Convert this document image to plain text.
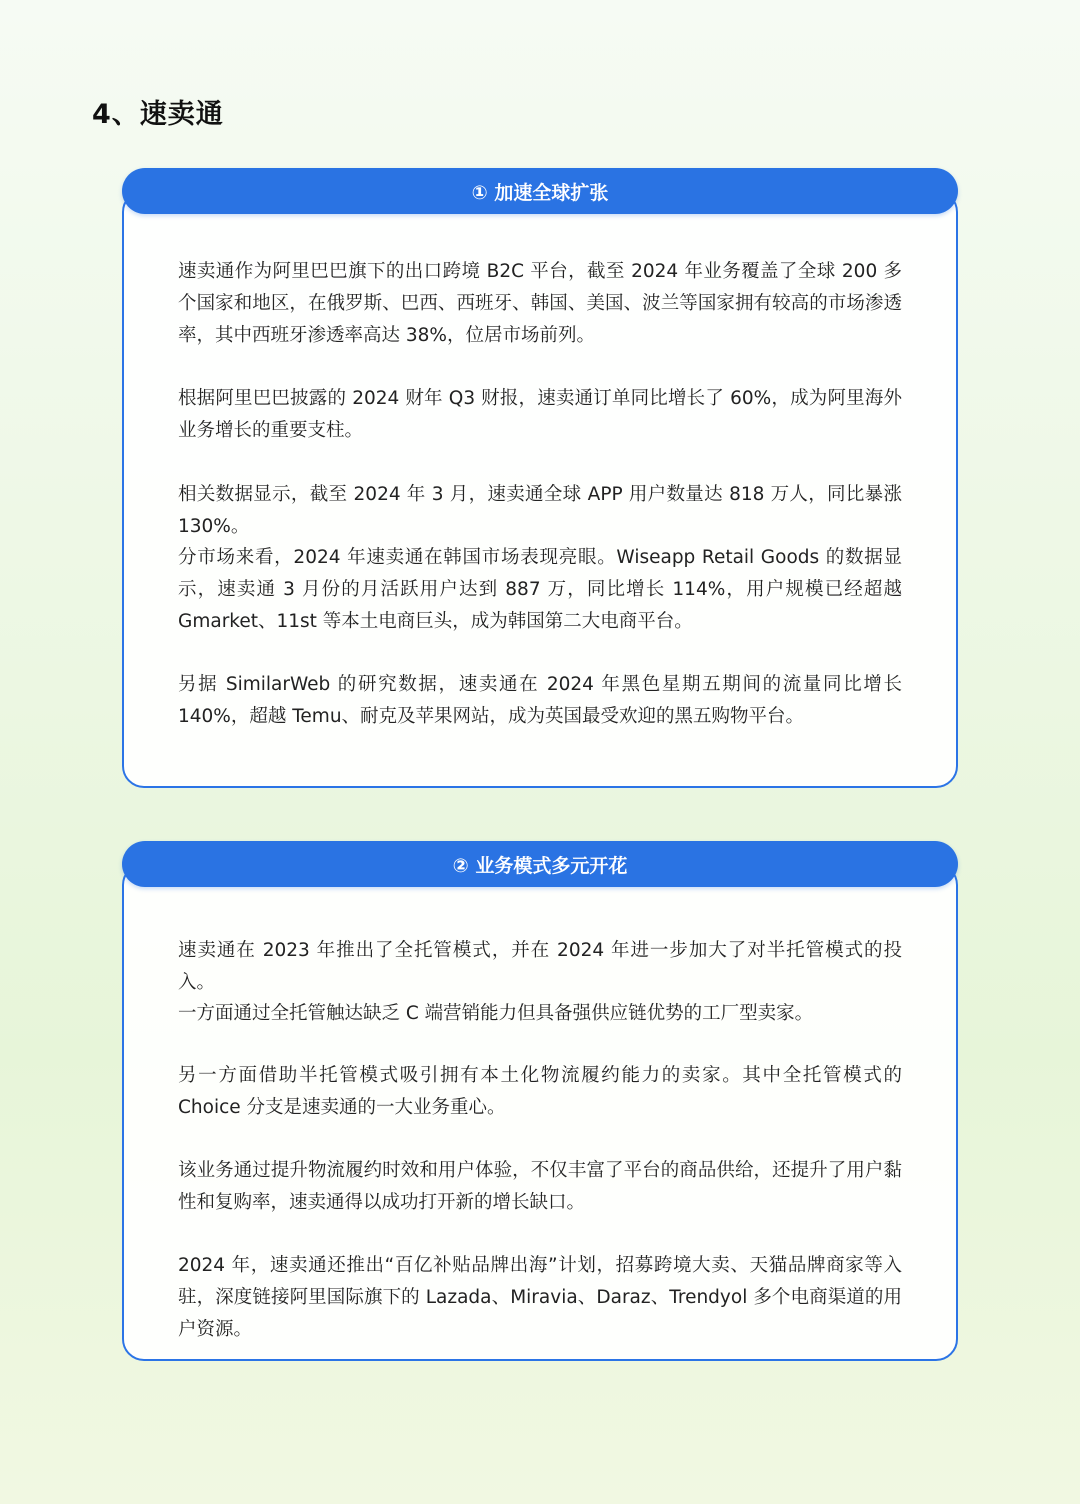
4、速卖通
① 加速全球扩张

速卖通作为阿里巴巴旗下的出口跨境 B2C 平台，截至 2024 年业务覆盖了全球 200 多个国家和地区，在俄罗斯、巴西、西班牙、韩国、美国、波兰等国家拥有较高的市场渗透率，其中西班牙渗透率高达 38%，位居市场前列。

根据阿里巴巴披露的 2024 财年 Q3 财报，速卖通订单同比增长了 60%，成为阿里海外业务增长的重要支柱。

相关数据显示，截至 2024 年 3 月，速卖通全球 APP 用户数量达 818 万人，同比暴涨130%。

分市场来看，2024 年速卖通在韩国市场表现亮眼。Wiseapp Retail Goods 的数据显示，速卖通 3 月份的月活跃用户达到 887 万，同比增长 114%，用户规模已经超越 Gmarket、11st 等本土电商巨头，成为韩国第二大电商平台。

另据 SimilarWeb 的研究数据，速卖通在 2024 年黑色星期五期间的流量同比增长 140%，超越 Temu、耐克及苹果网站，成为英国最受欢迎的黑五购物平台。

② 业务模式多元开花

速卖通在 2023 年推出了全托管模式，并在 2024 年进一步加大了对半托管模式的投入。

一方面通过全托管触达缺乏 C 端营销能力但具备强供应链优势的工厂型卖家。

另一方面借助半托管模式吸引拥有本土化物流履约能力的卖家。其中全托管模式的 Choice 分支是速卖通的一大业务重心。

该业务通过提升物流履约时效和用户体验，不仅丰富了平台的商品供给，还提升了用户黏性和复购率，速卖通得以成功打开新的增长缺口。

2024 年，速卖通还推出“百亿补贴品牌出海”计划，招募跨境大卖、天猫品牌商家等入驻，深度链接阿里国际旗下的 Lazada、Miravia、Daraz、Trendyol 多个电商渠道的用户资源。
